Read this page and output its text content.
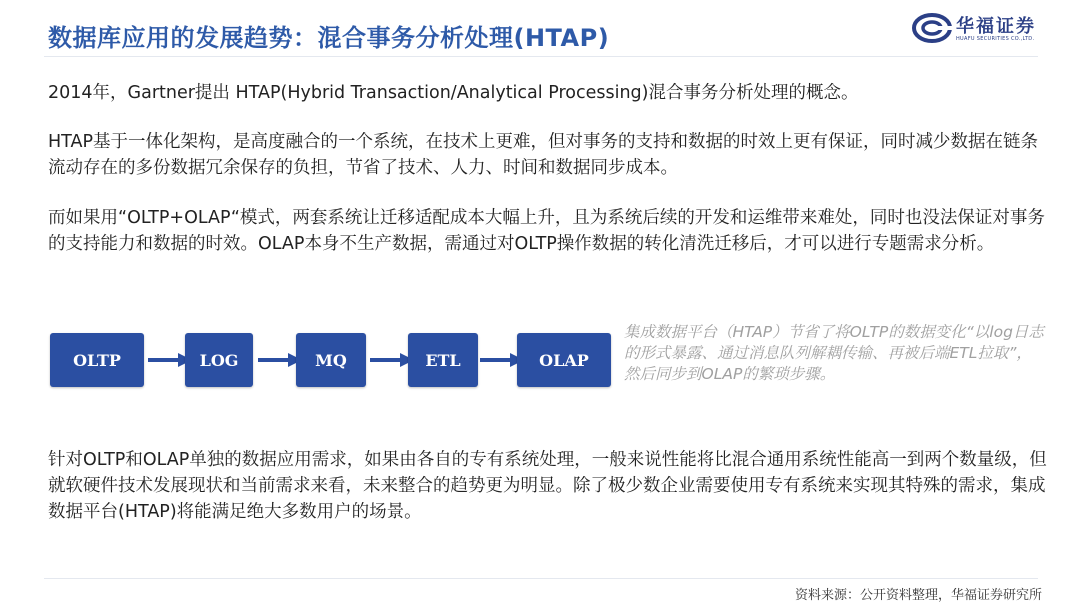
数据库应用的发展趋势：混合事务分析处理(HTAP)	华福证券
HUAFU SECURITIES CO.,LTD.

2014年，Gartner提出 HTAP(Hybrid Transaction/Analytical Processing)混合事务分析处理的概念。

HTAP基于一体化架构，是高度融合的一个系统，在技术上更难，但对事务的支持和数据的时效上更有保证，同时减少数据在链条流动存在的多份数据冗余保存的负担，节省了技术、人力、时间和数据同步成本。

而如果用“OLTP+OLAP“模式，两套系统让迁移适配成本大幅上升，且为系统后续的开发和运维带来难处，同时也没法保证对事务的支持能力和数据的时效。OLAP本身不生产数据，需通过对OLTP操作数据的转化清洗迁移后，才可以进行专题需求分析。

OLTP	LOG	MQ	ETL	OLAP

集成数据平台（HTAP）节省了将OLTP的数据变化“以log日志的形式暴露、通过消息队列解耦传输、再被后端ETL拉取”，然后同步到OLAP的繁琐步骤。

针对OLTP和OLAP单独的数据应用需求，如果由各自的专有系统处理，一般来说性能将比混合通用系统性能高一到两个数量级，但就软硬件技术发展现状和当前需求来看，未来整合的趋势更为明显。除了极少数企业需要使用专有系统来实现其特殊的需求，集成数据平台(HTAP)将能满足绝大多数用户的场景。

资料来源：公开资料整理，华福证券研究所
